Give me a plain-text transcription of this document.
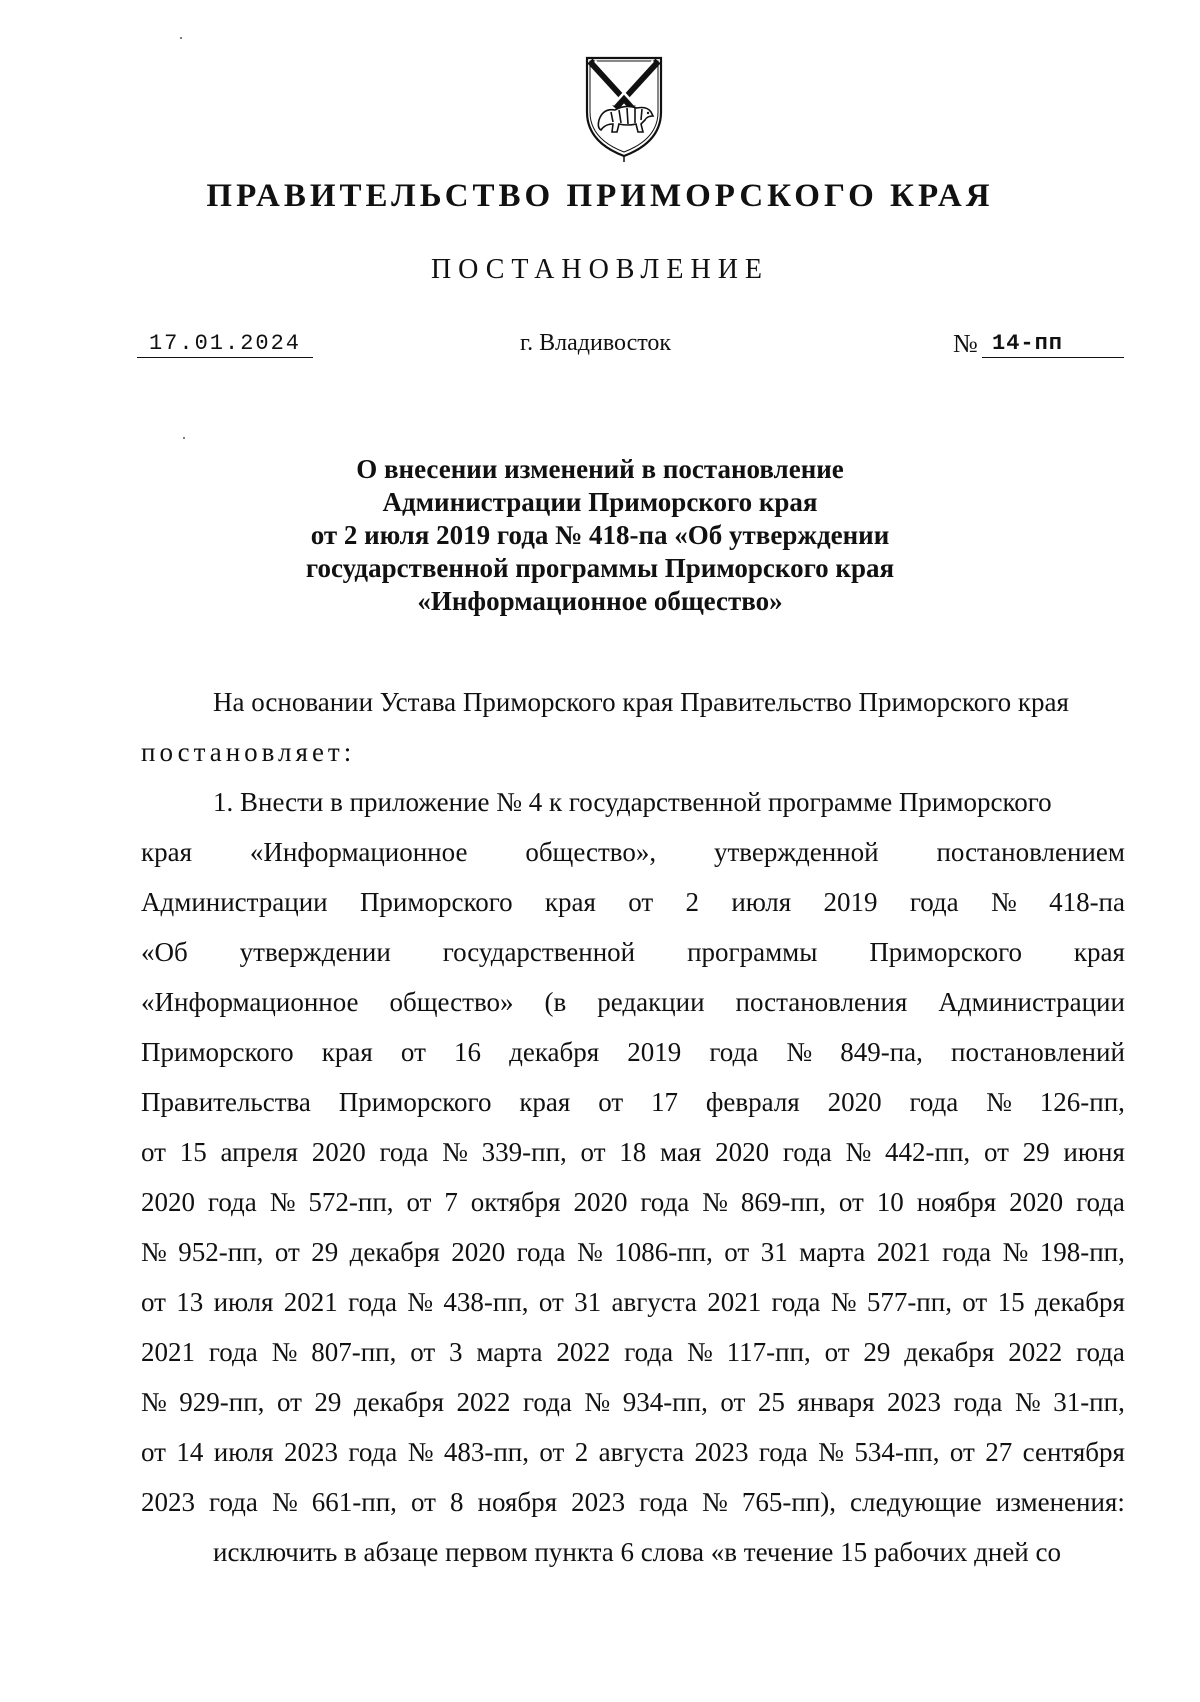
ПРАВИТЕЛЬСТВО ПРИМОРСКОГО КРАЯ
ПОСТАНОВЛЕНИЕ
17.01.2024	г. Владивосток	№ 14-пп
О внесении изменений в постановление
Администрации Приморского края
от 2 июля 2019 года № 418-па «Об утверждении
государственной программы Приморского края
«Информационное общество»
На основании Устава Приморского края Правительство Приморского края
постановляет:
1. Внести в приложение № 4 к государственной программе Приморского
края «Информационное общество», утвержденной постановлением
Администрации Приморского края от 2 июля 2019 года № 418-па
«Об утверждении государственной программы Приморского края
«Информационное общество» (в редакции постановления Администрации
Приморского края от 16 декабря 2019 года № 849-па, постановлений
Правительства Приморского края от 17 февраля 2020 года № 126-пп,
от 15 апреля 2020 года № 339-пп, от 18 мая 2020 года № 442-пп, от 29 июня
2020 года № 572-пп, от 7 октября 2020 года № 869-пп, от 10 ноября 2020 года
№ 952-пп, от 29 декабря 2020 года № 1086-пп, от 31 марта 2021 года № 198-пп,
от 13 июля 2021 года № 438-пп, от 31 августа 2021 года № 577-пп, от 15 декабря
2021 года № 807-пп, от 3 марта 2022 года № 117-пп, от 29 декабря 2022 года
№ 929-пп, от 29 декабря 2022 года № 934-пп, от 25 января 2023 года № 31-пп,
от 14 июля 2023 года № 483-пп, от 2 августа 2023 года № 534-пп, от 27 сентября
2023 года № 661-пп, от 8 ноября 2023 года № 765-пп), следующие изменения:
исключить в абзаце первом пункта 6 слова «в течение 15 рабочих дней со
